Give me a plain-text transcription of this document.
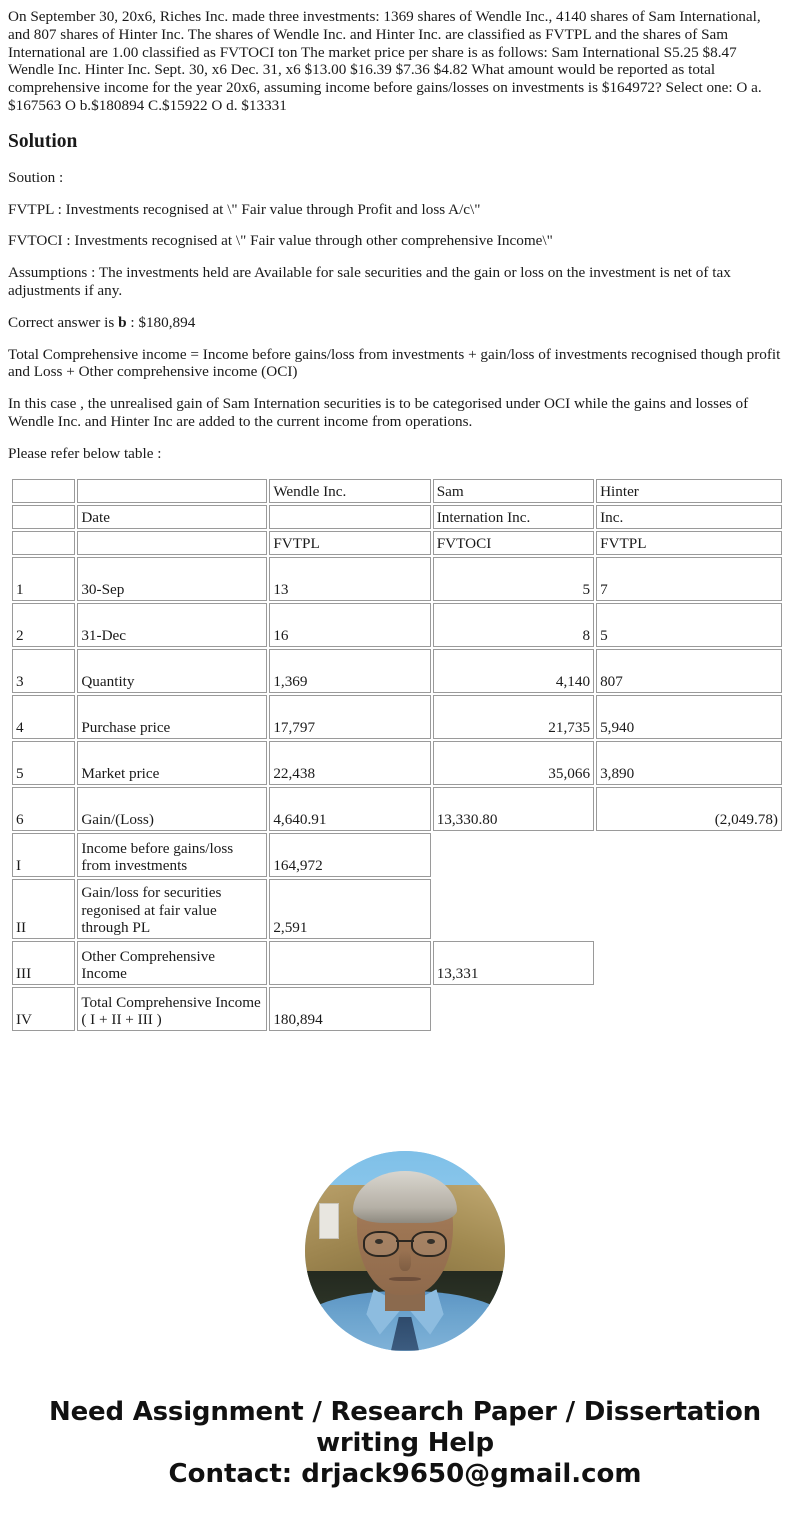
On September 30, 20x6, Riches Inc. made three investments: 1369 shares of Wendle Inc., 4140 shares of Sam International, and 807 shares of Hinter Inc. The shares of Wendle Inc. and Hinter Inc. are classified as FVTPL and the shares of Sam International are 1.00 classified as FVTOCI ton The market price per share is as follows: Sam International S5.25 $8.47 Wendle Inc. Hinter Inc. Sept. 30, x6 Dec. 31, x6 $13.00 $16.39 $7.36 $4.82 What amount would be reported as total comprehensive income for the year 20x6, assuming income before gains/losses on investments is $164972? Select one: O a. $167563 O b.$180894 C.$15922 O d. $13331

Solution

Soution :

FVTPL : Investments recognised at \" Fair value through Profit and loss A/c\"

FVTOCI : Investments recognised at \" Fair value through other comprehensive Income\"

Assumptions : The investments held are Available for sale securities and the gain or loss on the investment is net of tax adjustments if any.

Correct answer is b : $180,894

Total Comprehensive income = Income before gains/loss from investments + gain/loss of investments recognised though profit and Loss + Other comprehensive income (OCI)

In this case , the unrealised gain of Sam Internation securities is to be categorised under OCI while the gains and losses of Wendle Inc. and Hinter Inc are added to the current income from operations.

Please refer below table :

		Wendle Inc.	Sam	Hinter
	Date		Internation Inc.	Inc.
		FVTPL	FVTOCI	FVTPL
1	30-Sep	13	5	7
2	31-Dec	16	8	5
3	Quantity	1,369	4,140	807
4	Purchase price	17,797	21,735	5,940
5	Market price	22,438	35,066	3,890
6	Gain/(Loss)	4,640.91	13,330.80	(2,049.78)
I	Income before gains/loss from investments	164,972		
II	Gain/loss for securities regonised at fair value through PL	2,591		
III	Other Comprehensive Income		13,331	
IV	Total Comprehensive Income ( I + II + III )	180,894		
Need Assignment / Research Paper / Dissertation writing Help
Contact: drjack9650@gmail.com
